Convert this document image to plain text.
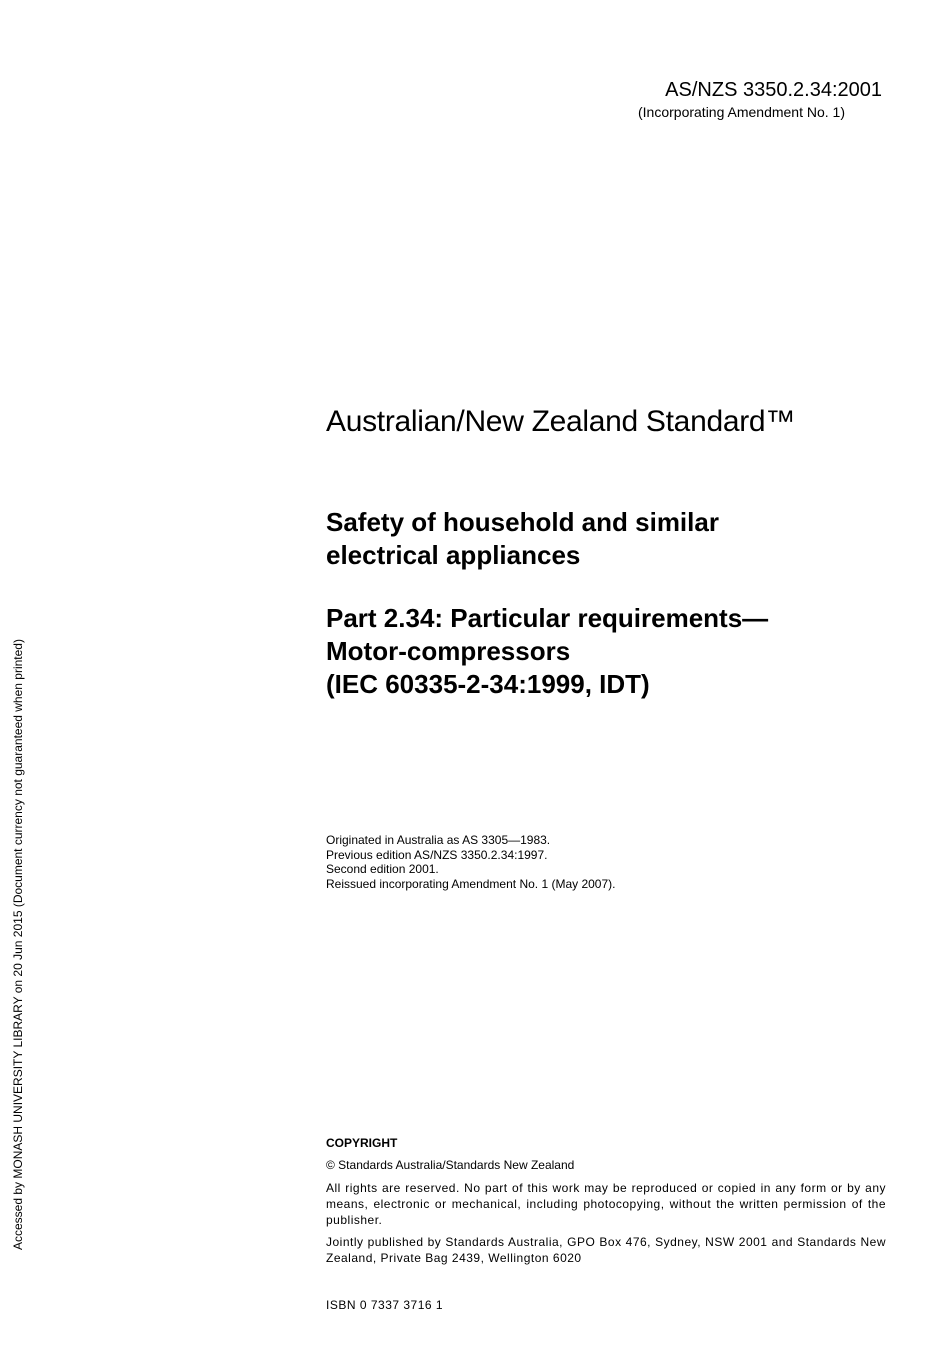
AS/NZS 3350.2.34:2001
(Incorporating Amendment No. 1)
Accessed by MONASH UNIVERSITY LIBRARY on 20 Jun 2015 (Document currency not guaranteed when printed)
Australian/New Zealand Standard™
Safety of household and similar
electrical appliances
Part 2.34: Particular requirements—
Motor-compressors
(IEC 60335-2-34:1999, IDT)
Originated in Australia as AS 3305—1983.
Previous edition AS/NZS 3350.2.34:1997.
Second edition 2001.
Reissued incorporating Amendment No. 1 (May 2007).
COPYRIGHT
© Standards Australia/Standards New Zealand
All rights are reserved. No part of this work may be reproduced or copied in any form or by any means, electronic or mechanical, including photocopying, without the written permission of the publisher.
Jointly published by Standards Australia, GPO Box 476, Sydney, NSW 2001 and Standards New Zealand, Private Bag 2439, Wellington 6020
ISBN 0 7337 3716 1
